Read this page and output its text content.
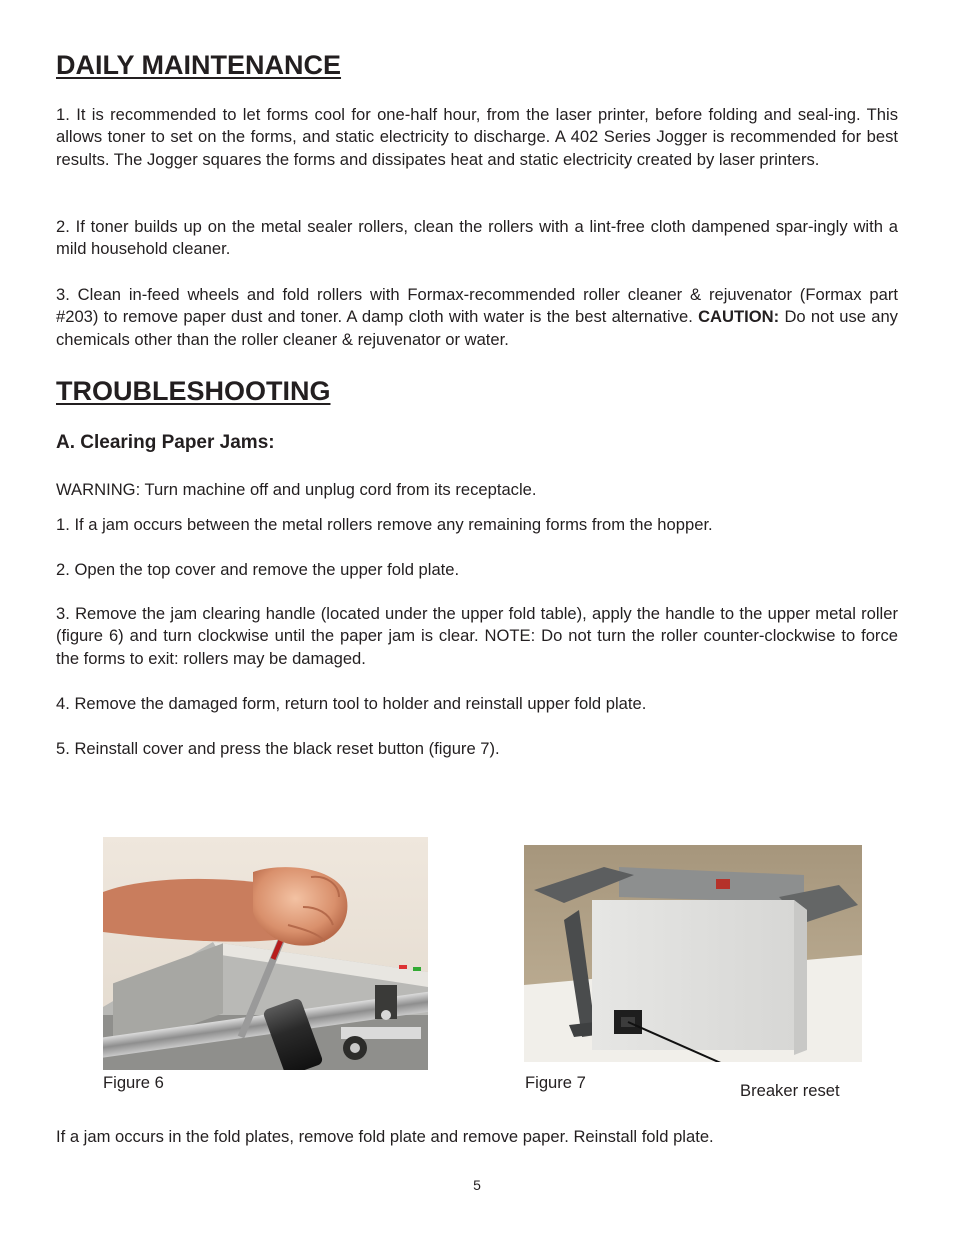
DAILY MAINTENANCE

1. It is recommended to let forms cool for one-half hour, from the laser printer, before folding and seal-ing. This allows toner to set on the forms, and static electricity to discharge. A 402 Series Jogger is recommended for best results. The Jogger squares the forms and dissipates heat and static electricity created by laser printers.

2. If toner builds up on the metal sealer rollers, clean the rollers with a lint-free cloth dampened spar-ingly with a mild household cleaner.

3. Clean in-feed wheels and fold rollers with Formax-recommended roller cleaner & rejuvenator (Formax part #203) to remove paper dust and toner. A damp cloth with water is the best alternative. CAUTION: Do not use any chemicals other than the roller cleaner & rejuvenator or water.

TROUBLESHOOTING
A. Clearing Paper Jams:

WARNING: Turn machine off and unplug cord from its receptacle.

1. If a jam occurs between the metal rollers remove any remaining forms from the hopper.

2. Open the top cover and remove the upper fold plate.

3. Remove the jam clearing handle (located under the upper fold table), apply the handle to the upper metal roller (figure 6) and turn clockwise until the paper jam is clear. NOTE: Do not turn the roller counter-clockwise to force the forms to exit: rollers may be damaged.

4. Remove the damaged form, return tool to holder and reinstall upper fold plate.

5. Reinstall cover and press the black reset button (figure 7).

Figure 6	Figure 7	Breaker reset

If a jam occurs in the fold plates, remove fold plate and remove paper. Reinstall fold plate.

5
